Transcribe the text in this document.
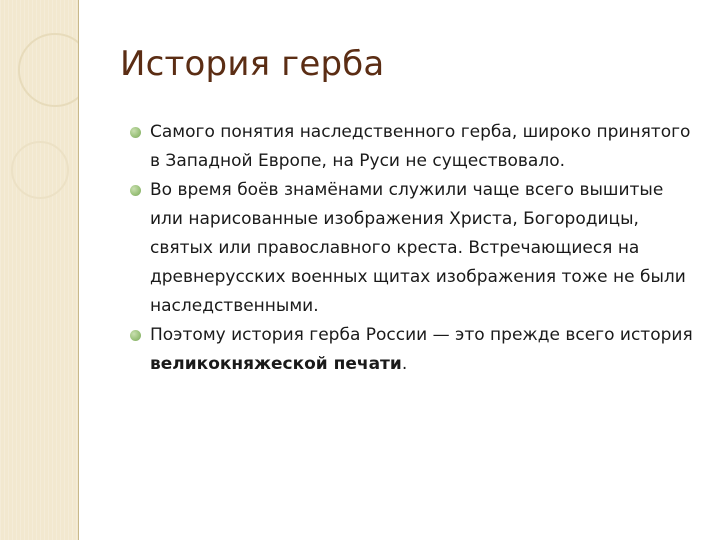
История герба
Самого понятия наследственного герба, широко принятого в Западной Европе, на Руси не существовало.
Во время боёв знамёнами служили чаще всего вышитые или нарисованные изображения Христа, Богородицы, святых или православного креста. Встречающиеся на древнерусских военных щитах изображения тоже не были наследственными.
Поэтому история герба России — это прежде всего история великокняжеской печати.
